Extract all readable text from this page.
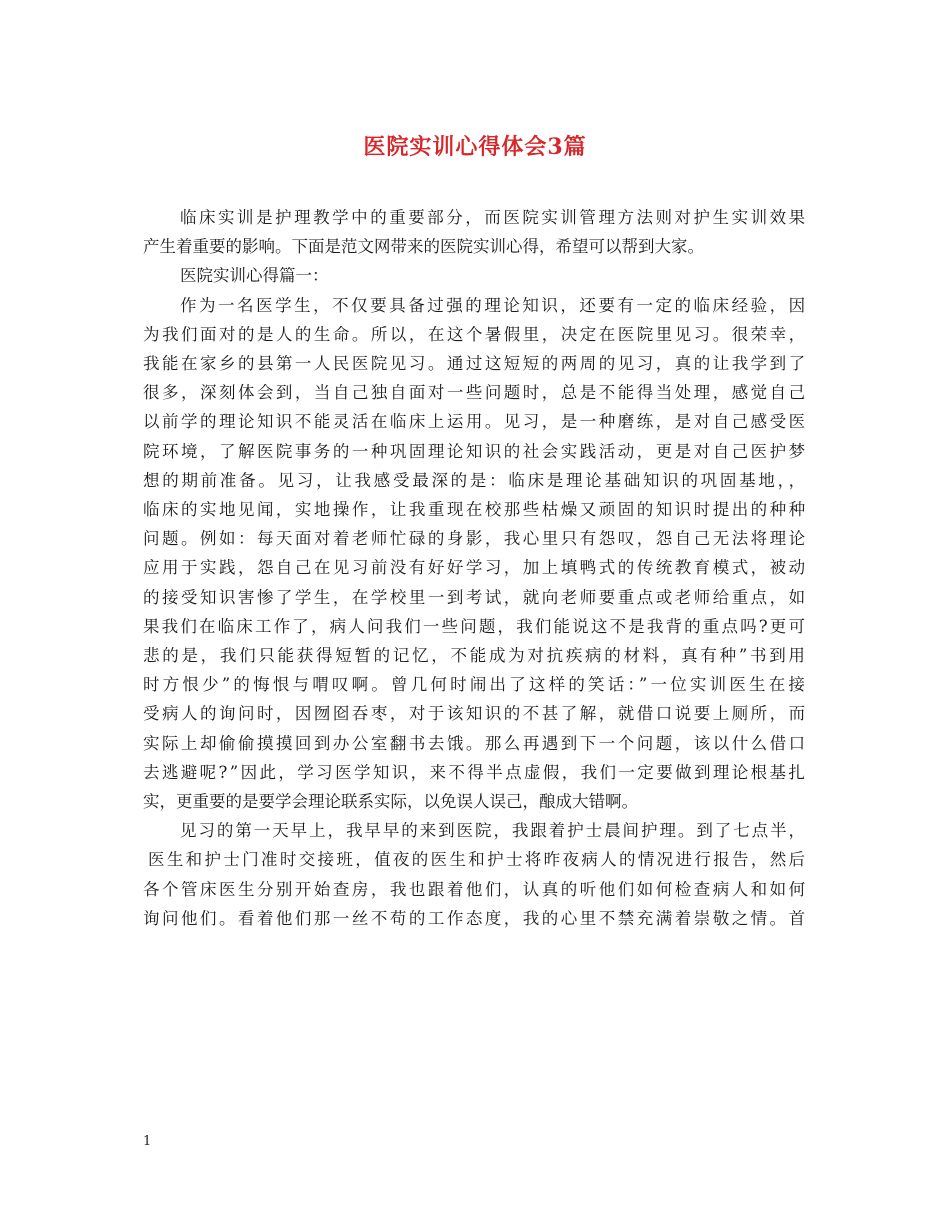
医院实训心得体会3篇
临床实训是护理教学中的重要部分，而医院实训管理方法则对护生实训效果
产生着重要的影响。下面是范文网带来的医院实训心得，希望可以帮到大家。
医院实训心得篇一：
作为一名医学生，不仅要具备过强的理论知识，还要有一定的临床经验，因
为我们面对的是人的生命。所以，在这个暑假里，决定在医院里见习。很荣幸，
我能在家乡的县第一人民医院见习。通过这短短的两周的见习，真的让我学到了
很多，深刻体会到，当自己独自面对一些问题时，总是不能得当处理，感觉自己
以前学的理论知识不能灵活在临床上运用。见习，是一种磨练，是对自己感受医
院环境，了解医院事务的一种巩固理论知识的社会实践活动，更是对自己医护梦
想的期前准备。见习，让我感受最深的是：临床是理论基础知识的巩固基地，，
临床的实地见闻，实地操作，让我重现在校那些枯燥又顽固的知识时提出的种种
问题。例如：每天面对着老师忙碌的身影，我心里只有怨叹，怨自己无法将理论
应用于实践，怨自己在见习前没有好好学习，加上填鸭式的传统教育模式，被动
的接受知识害惨了学生，在学校里一到考试，就向老师要重点或老师给重点，如
果我们在临床工作了，病人问我们一些问题，我们能说这不是我背的重点吗?更可
悲的是，我们只能获得短暂的记忆，不能成为对抗疾病的材料，真有种”书到用
时方恨少”的悔恨与喟叹啊。曾几何时闹出了这样的笑话：”一位实训医生在接
受病人的询问时，因囫囵吞枣，对于该知识的不甚了解，就借口说要上厕所，而
实际上却偷偷摸摸回到办公室翻书去饿。那么再遇到下一个问题，该以什么借口
去逃避呢?”因此，学习医学知识，来不得半点虚假，我们一定要做到理论根基扎
实，更重要的是要学会理论联系实际，以免误人误己，酿成大错啊。
见习的第一天早上，我早早的来到医院，我跟着护士晨间护理。到了七点半，
医生和护士门准时交接班，值夜的医生和护士将昨夜病人的情况进行报告，然后
各个管床医生分别开始查房，我也跟着他们，认真的听他们如何检查病人和如何
询问他们。看着他们那一丝不苟的工作态度，我的心里不禁充满着崇敬之情。首
1
